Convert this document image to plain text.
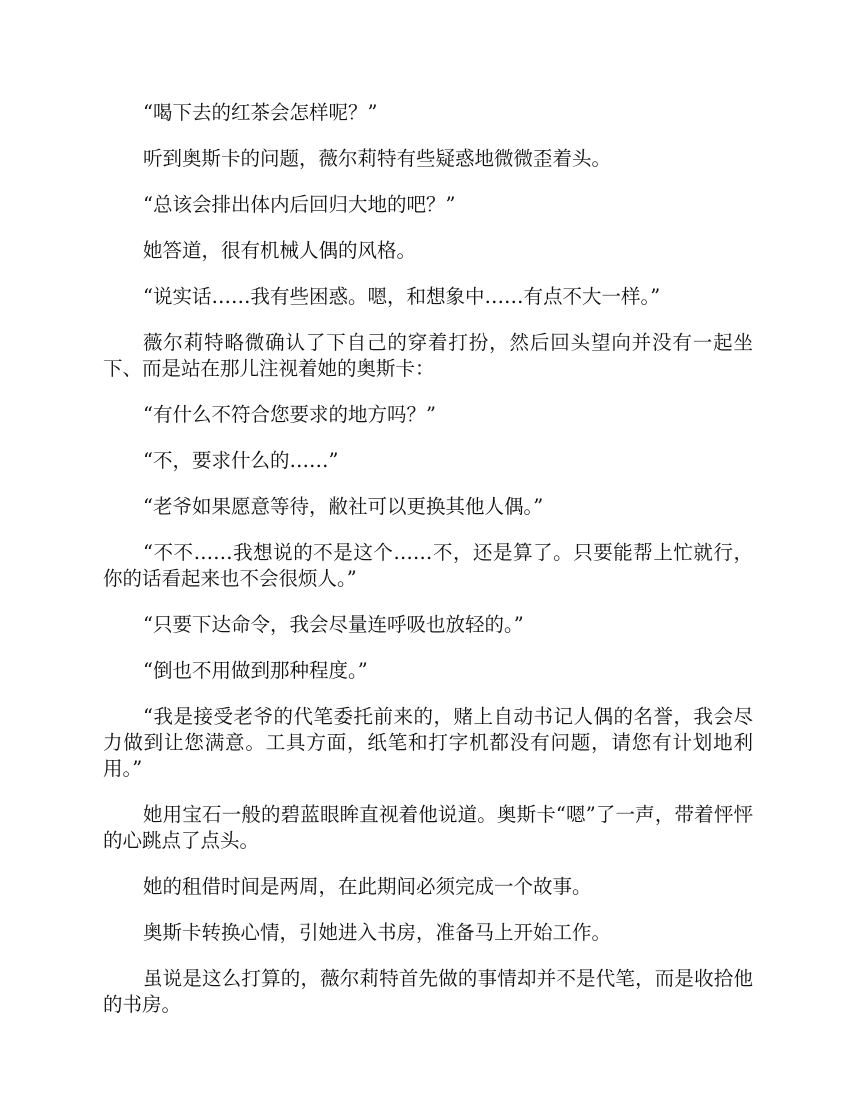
“喝下去的红茶会怎样呢？”

听到奥斯卡的问题，薇尔莉特有些疑惑地微微歪着头。

“总该会排出体内后回归大地的吧？”

她答道，很有机械人偶的风格。

“说实话……我有些困惑。嗯，和想象中……有点不大一样。”

薇尔莉特略微确认了下自己的穿着打扮，然后回头望向并没有一起坐下、而是站在那儿注视着她的奥斯卡：

“有什么不符合您要求的地方吗？”

“不，要求什么的……”

“老爷如果愿意等待，敝社可以更换其他人偶。”

“不不……我想说的不是这个……不，还是算了。只要能帮上忙就行，你的话看起来也不会很烦人。”

“只要下达命令，我会尽量连呼吸也放轻的。”

“倒也不用做到那种程度。”

“我是接受老爷的代笔委托前来的，赌上自动书记人偶的名誉，我会尽力做到让您满意。工具方面，纸笔和打字机都没有问题，请您有计划地利用。”

她用宝石一般的碧蓝眼眸直视着他说道。奥斯卡“嗯”了一声，带着怦怦的心跳点了点头。

她的租借时间是两周，在此期间必须完成一个故事。

奥斯卡转换心情，引她进入书房，准备马上开始工作。

虽说是这么打算的，薇尔莉特首先做的事情却并不是代笔，而是收拾他的书房。
